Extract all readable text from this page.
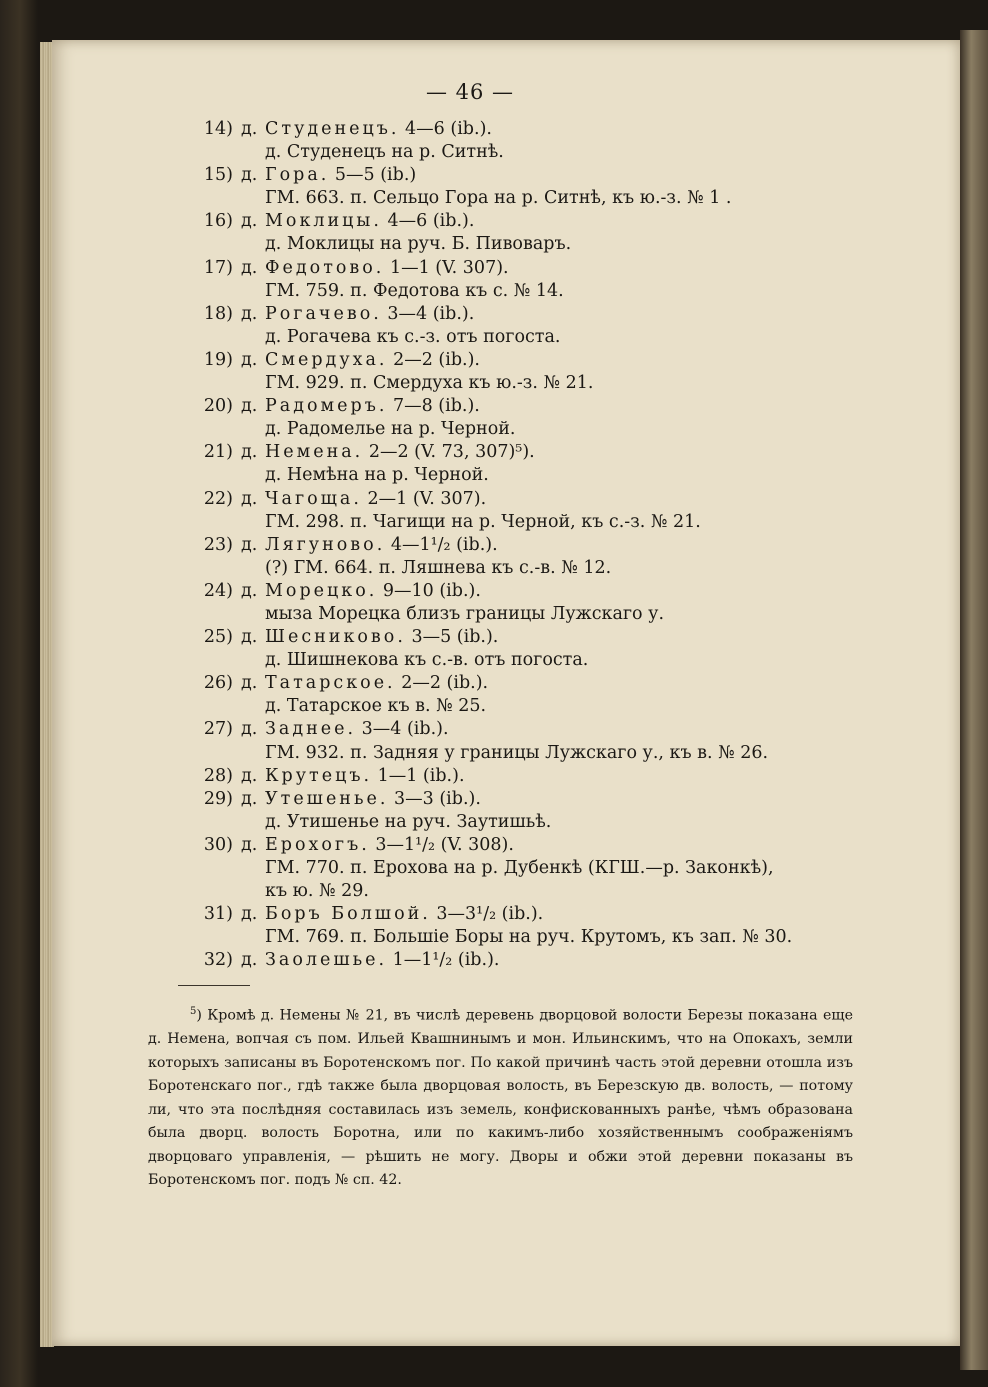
— 46 —
14) д. Студенецъ. 4—6 (ib.).
д. Студенецъ на р. Ситнѣ.
15) д. Гора. 5—5 (ib.)
ГМ. 663. п. Сельцо Гора на р. Ситнѣ, къ ю.-з. № 1 .
16) д. Моклицы. 4—6 (ib.).
д. Моклицы на руч. Б. Пивоваръ.
17) д. Федотово. 1—1 (V. 307).
ГМ. 759. п. Федотова къ с. № 14.
18) д. Рогачево. 3—4 (ib.).
д. Рогачева къ с.-з. отъ погоста.
19) д. Смердуха. 2—2 (ib.).
ГМ. 929. п. Смердуха къ ю.-з. № 21.
20) д. Радомеръ. 7—8 (ib.).
д. Радомелье на р. Черной.
21) д. Немена. 2—2 (V. 73, 307)⁵).
д. Немѣна на р. Черной.
22) д. Чагоща. 2—1 (V. 307).
ГМ. 298. п. Чагищи на р. Черной, къ с.-з. № 21.
23) д. Лягуново. 4—1¹/₂ (ib.).
(?) ГМ. 664. п. Ляшнева къ с.-в. № 12.
24) д. Морецко. 9—10 (ib.).
мыза Морецка близъ границы Лужскаго у.
25) д. Шесниково. 3—5 (ib.).
д. Шишнекова къ с.-в. отъ погоста.
26) д. Татарское. 2—2 (ib.).
д. Татарское къ в. № 25.
27) д. Заднее. 3—4 (ib.).
ГМ. 932. п. Задняя у границы Лужскаго у., къ в. № 26.
28) д. Крутецъ. 1—1 (ib.).
29) д. Утешенье. 3—3 (ib.).
д. Утишенье на руч. Заутишьѣ.
30) д. Ерохогъ. 3—1¹/₂ (V. 308).
ГМ. 770. п. Ерохова на р. Дубенкѣ (КГШ.—р. Законкѣ),
къ ю. № 29.
31) д. Боръ Болшой. 3—3¹/₂ (ib.).
ГМ. 769. п. Большіе Боры на руч. Крутомъ, къ зап. № 30.
32) д. Заолешье. 1—1¹/₂ (ib.).
$^5$) Кромѣ д. Немены № 21, въ числѣ деревень дворцовой волости Березы показана еще д. Немена, вопчая съ пом. Ильей Квашнинымъ и мон. Ильинскимъ, что на Опокахъ, земли которыхъ записаны въ Боротенскомъ пог. По какой причинѣ часть этой деревни отошла изъ Боротенскаго пог., гдѣ также была дворцовая волость, въ Березскую дв. волость, — потому ли, что эта послѣдняя составилась изъ земель, конфискованныхъ ранѣе, чѣмъ образована была дворц. волость Боротна, или по какимъ-либо хозяйственнымъ соображеніямъ дворцоваго управленія, — рѣшить не могу. Дворы и обжи этой деревни показаны въ Боротенскомъ пог. подъ № сп. 42.
